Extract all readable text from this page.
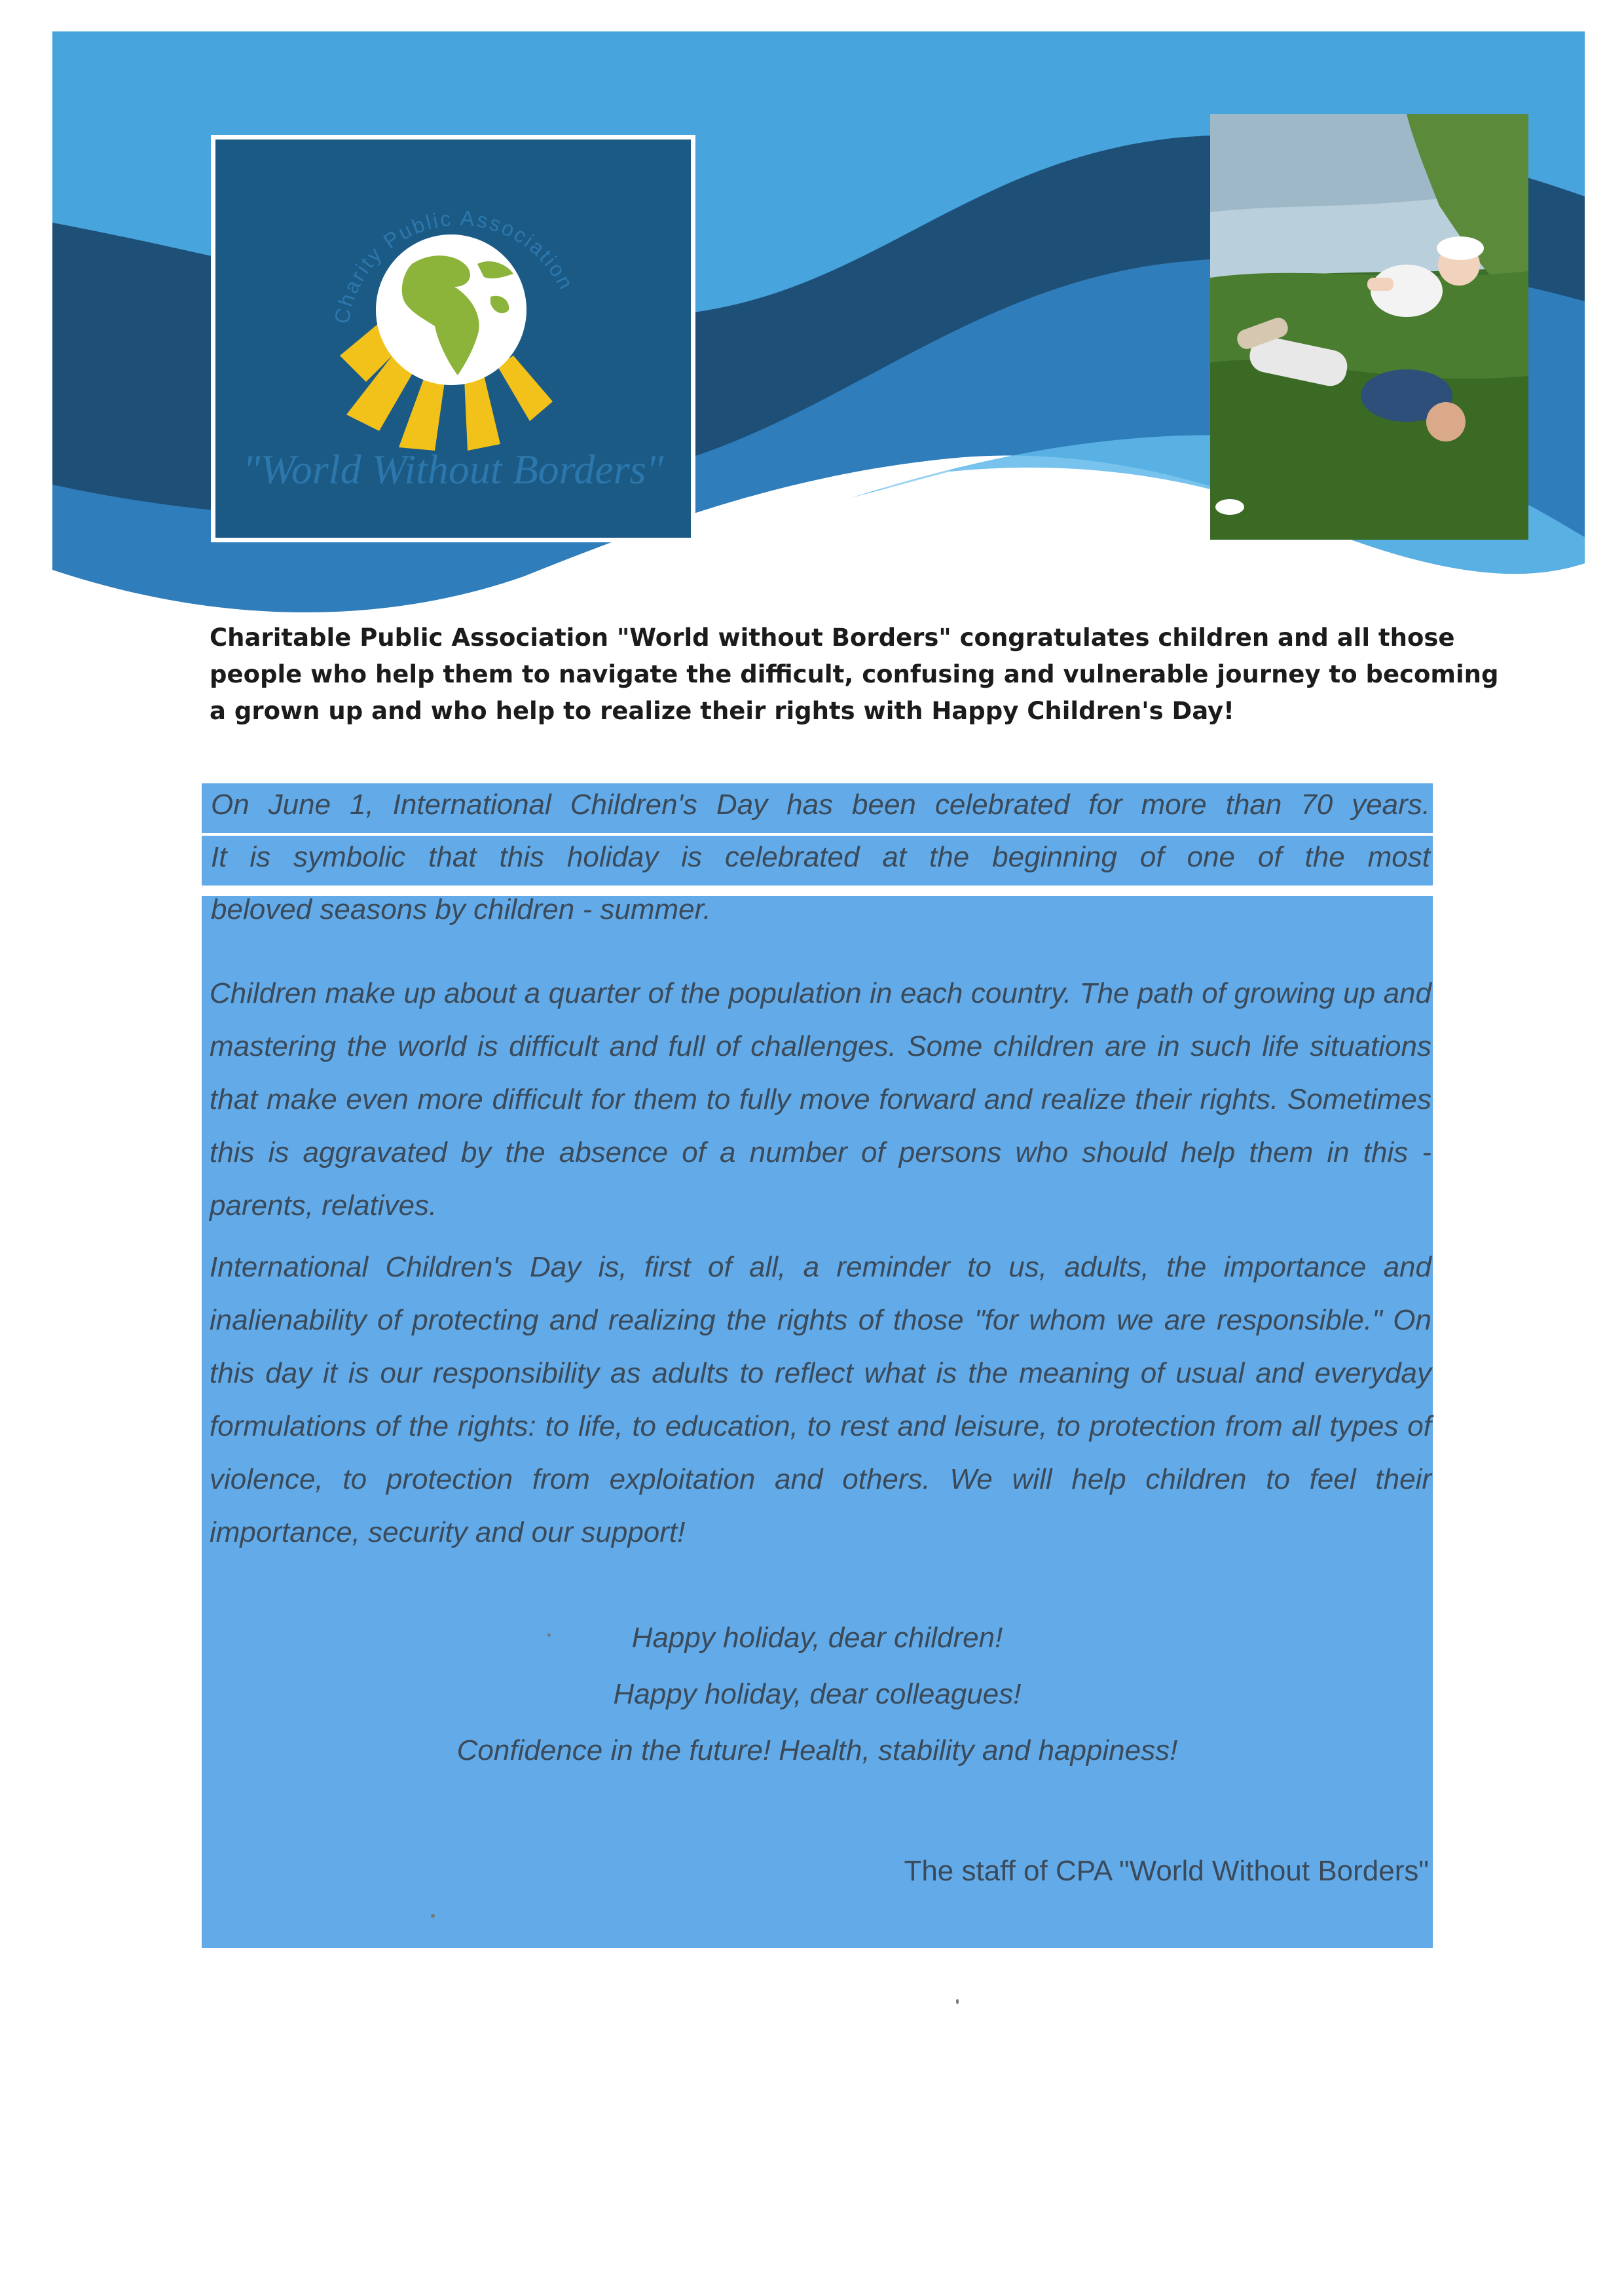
Charity Public Association
"World Without Borders"
Charitable Public Association "World without Borders" congratulates children and all those people who help them to navigate the difficult, confusing and vulnerable journey to becoming a grown up and who help to realize their rights with Happy Children's Day!
On June 1, International Children's Day has been celebrated for more than 70 years.
It is symbolic that this holiday is celebrated at the beginning of one of the most
beloved seasons by children - summer.

Children make up about a quarter of the population in each country. The path of growing up and mastering the world is difficult and full of challenges. Some children are in such life situations that make even more difficult for them to fully move forward and realize their rights. Sometimes this is aggravated by the absence of a number of persons who should help them in this - parents, relatives.

International Children's Day is, first of all, a reminder to us, adults, the importance and inalienability of protecting and realizing the rights of those "for whom we are responsible." On this day it is our responsibility as adults to reflect what is the meaning of usual and everyday formulations of the rights: to life, to education, to rest and leisure, to protection from all types of violence, to protection from exploitation and others. We will help children to feel their importance, security and our support!

Happy holiday, dear children!
Happy holiday, dear colleagues!
Confidence in the future! Health, stability and happiness!
The staff of CPA "World Without Borders"
